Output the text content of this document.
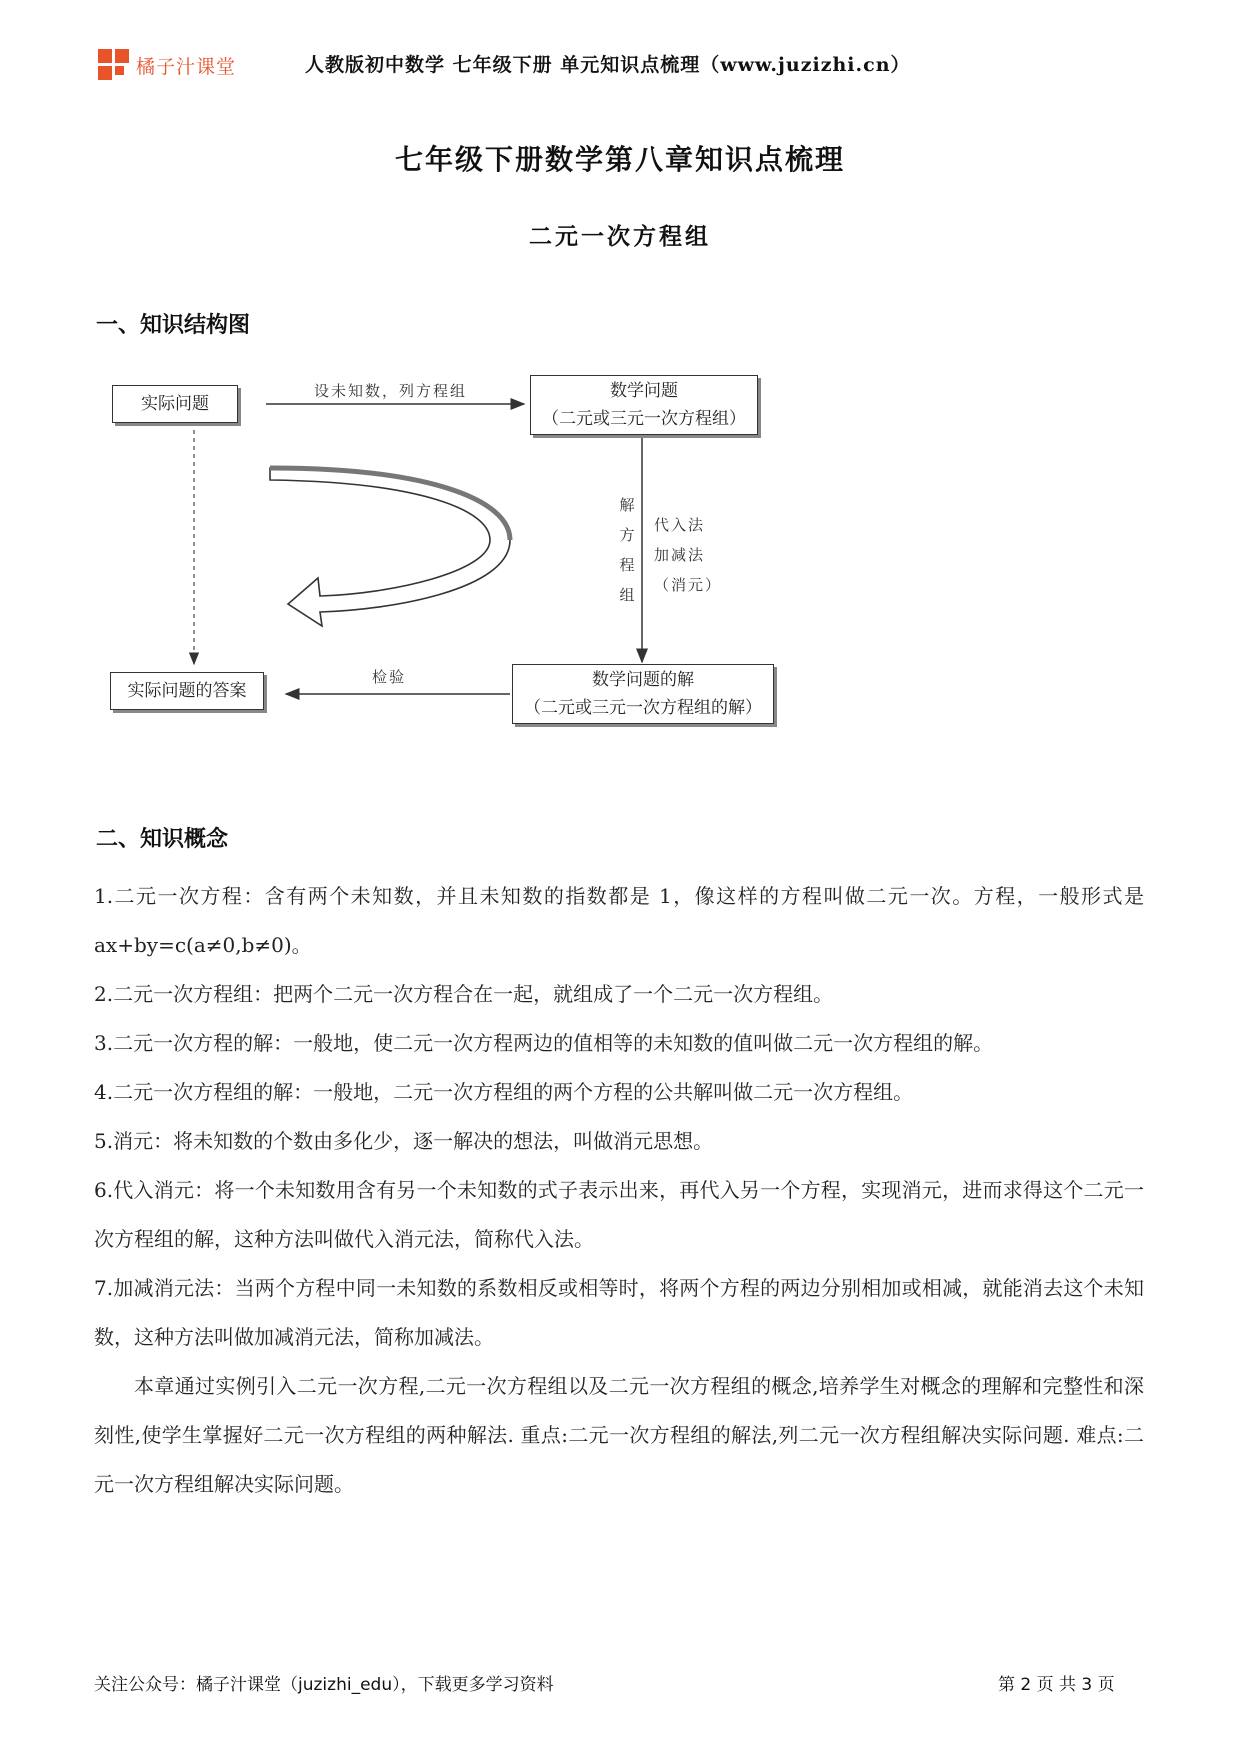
橘子汁课堂	人教版初中数学 七年级下册 单元知识点梳理（www.juzizhi.cn）
七年级下册数学第八章知识点梳理
二元一次方程组
一、知识结构图
实际问题
数学问题
（二元或三元一次方程组）
实际问题的答案
数学问题的解
（二元或三元一次方程组的解）
设未知数，列方程组
检验
解
方
程
组
代入法
加减法
（消元）
二、知识概念

1.二元一次方程：含有两个未知数，并且未知数的指数都是 1，像这样的方程叫做二元一次。方程，一般形式是 ax+by=c(a≠0,b≠0)。

2.二元一次方程组：把两个二元一次方程合在一起，就组成了一个二元一次方程组。

3.二元一次方程的解：一般地，使二元一次方程两边的值相等的未知数的值叫做二元一次方程组的解。

4.二元一次方程组的解：一般地，二元一次方程组的两个方程的公共解叫做二元一次方程组。

5.消元：将未知数的个数由多化少，逐一解决的想法，叫做消元思想。

6.代入消元：将一个未知数用含有另一个未知数的式子表示出来，再代入另一个方程，实现消元，进而求得这个二元一次方程组的解，这种方法叫做代入消元法，简称代入法。

7.加减消元法：当两个方程中同一未知数的系数相反或相等时，将两个方程的两边分别相加或相减，就能消去这个未知数，这种方法叫做加减消元法，简称加减法。

本章通过实例引入二元一次方程,二元一次方程组以及二元一次方程组的概念,培养学生对概念的理解和完整性和深刻性,使学生掌握好二元一次方程组的两种解法. 重点:二元一次方程组的解法,列二元一次方程组解决实际问题. 难点:二元一次方程组解决实际问题。

关注公众号：橘子汁课堂（juzizhi_edu），下载更多学习资料	第 2 页 共 3 页
